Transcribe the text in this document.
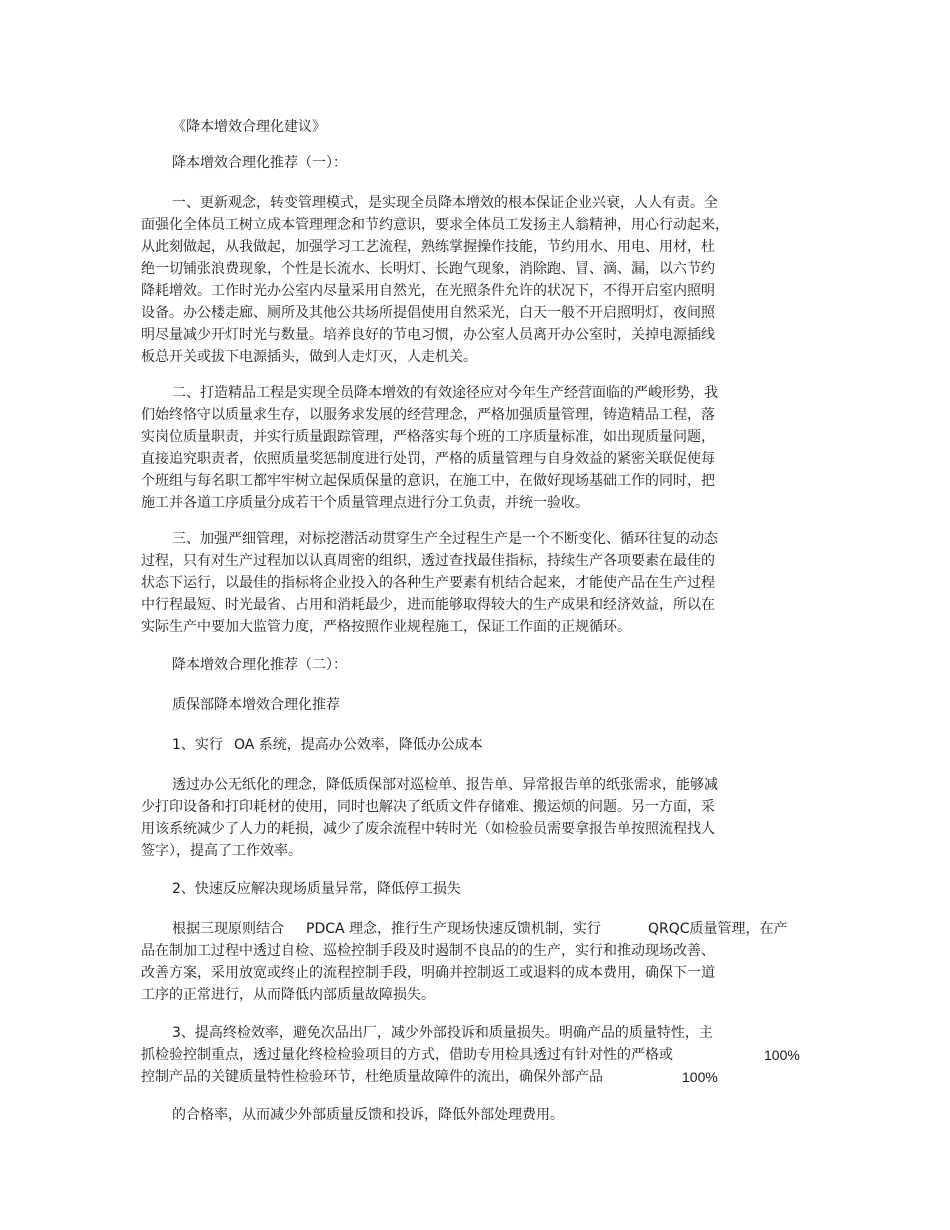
《降本增效合理化建议》

降本增效合理化推荐（一）：

一、更新观念，转变管理模式，是实现全员降本增效的根本保证企业兴衰，人人有责。全

面强化全体员工树立成本管理理念和节约意识，要求全体员工发扬主人翁精神，用心行动起来，

从此刻做起，从我做起，加强学习工艺流程，熟练掌握操作技能，节约用水、用电、用材，杜

绝一切铺张浪费现象，个性是长流水、长明灯、长跑气现象，消除跑、冒、滴、漏，以六节约

降耗增效。工作时光办公室内尽量采用自然光，在光照条件允许的状况下，不得开启室内照明

设备。办公楼走廊、厕所及其他公共场所提倡使用自然采光，白天一般不开启照明灯，夜间照

明尽量减少开灯时光与数量。培养良好的节电习惯，办公室人员离开办公室时，关掉电源插线

板总开关或拔下电源插头，做到人走灯灭，人走机关。

二、打造精品工程是实现全员降本增效的有效途径应对今年生产经营面临的严峻形势，我

们始终恪守以质量求生存，以服务求发展的经营理念，严格加强质量管理，铸造精品工程，落

实岗位质量职责，并实行质量跟踪管理，严格落实每个班的工序质量标准，如出现质量问题，

直接追究职责者，依照质量奖惩制度进行处罚，严格的质量管理与自身效益的紧密关联促使每

个班组与每名职工都牢牢树立起保质保量的意识，在施工中，在做好现场基础工作的同时，把

施工并各道工序质量分成若干个质量管理点进行分工负责，并统一验收。

三、加强严细管理，对标挖潜活动贯穿生产全过程生产是一个不断变化、循环往复的动态

过程，只有对生产过程加以认真周密的组织，透过查找最佳指标，持续生产各项要素在最佳的

状态下运行，以最佳的指标将企业投入的各种生产要素有机结合起来，才能使产品在生产过程

中行程最短、时光最省、占用和消耗最少，进而能够取得较大的生产成果和经济效益，所以在

实际生产中要加大监管力度，严格按照作业规程施工，保证工作面的正规循环。

降本增效合理化推荐（二）：

质保部降本增效合理化推荐

1、实行 OA 系统，提高办公效率，降低办公成本

透过办公无纸化的理念，降低质保部对巡检单、报告单、异常报告单的纸张需求，能够减

少打印设备和打印耗材的使用，同时也解决了纸质文件存储难、搬运烦的问题。另一方面，采

用该系统减少了人力的耗损，减少了废余流程中转时光（如检验员需要拿报告单按照流程找人

签字），提高了工作效率。

2、快速反应解决现场质量异常，降低停工损失

根据三现原则结合 PDCA 理念，推行生产现场快速反馈机制，实行	QRQC质量管理，在产

品在制加工过程中透过自检、巡检控制手段及时遏制不良品的的生产，实行和推动现场改善、

改善方案，采用放宽或终止的流程控制手段，明确并控制返工或退料的成本费用，确保下一道

工序的正常进行，从而降低内部质量故障损失。

3、提高终检效率，避免次品出厂，减少外部投诉和质量损失。明确产品的质量特性，主

抓检验控制重点，透过量化终检检验项目的方式，借助专用检具透过有针对性的严格或	100%

控制产品的关键质量特性检验环节，杜绝质量故障件的流出，确保外部产品	100%

的合格率，从而减少外部质量反馈和投诉，降低外部处理费用。
